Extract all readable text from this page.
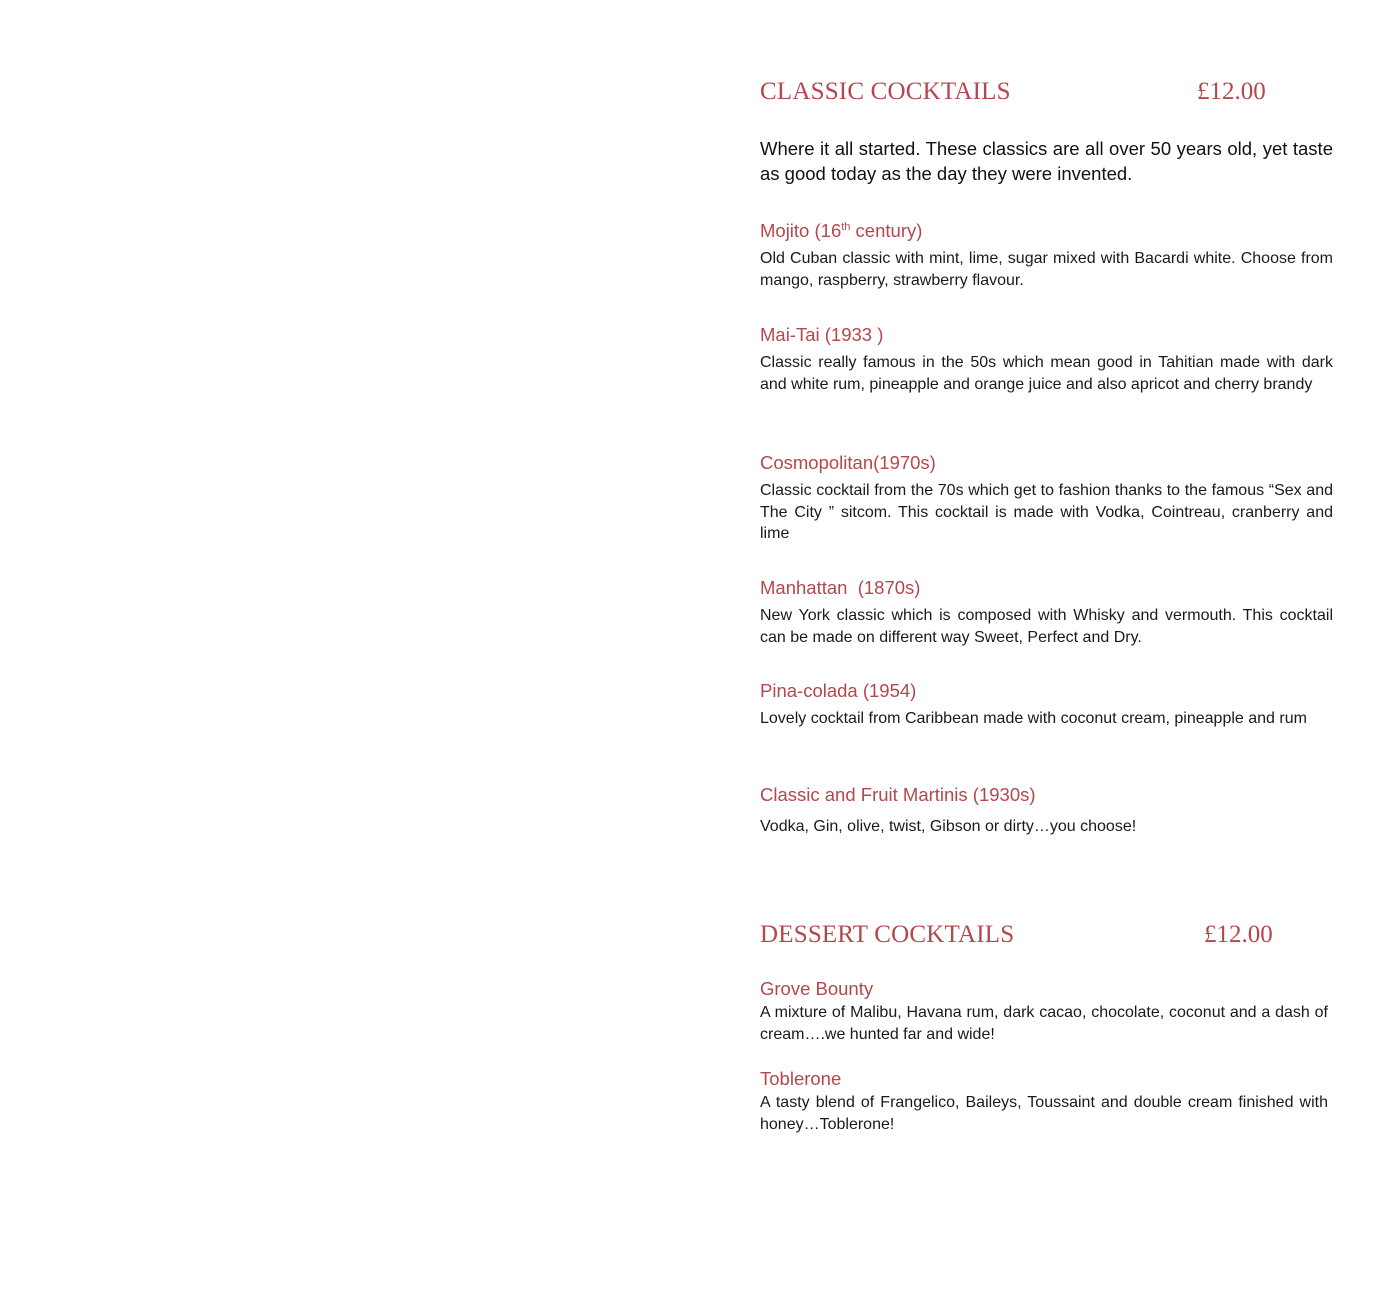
CLASSIC COCKTAILS	£12.00
Where it all started. These classics are all over 50 years old, yet taste as good today as the day they were invented.
Mojito (16th century)
Old Cuban classic with mint, lime, sugar mixed with Bacardi white. Choose from mango, raspberry, strawberry flavour.
Mai-Tai (1933 )
Classic really famous in the 50s which mean good in Tahitian made with dark and white rum, pineapple and orange juice and also apricot and cherry brandy
Cosmopolitan(1970s)
Classic cocktail from the 70s which get to fashion thanks to the famous “Sex and The City ” sitcom. This cocktail is made with Vodka, Cointreau, cranberry and lime
Manhattan  (1870s)
New York classic which is composed with Whisky and vermouth. This cocktail can be made on different way Sweet, Perfect and Dry.
Pina-colada (1954)
Lovely cocktail from Caribbean made with coconut cream, pineapple and rum
Classic and Fruit Martinis (1930s)
Vodka, Gin, olive, twist, Gibson or dirty…you choose!
DESSERT COCKTAILS	£12.00
Grove Bounty
A mixture of Malibu, Havana rum, dark cacao, chocolate, coconut and a dash of cream….we hunted far and wide!
Toblerone
A tasty blend of Frangelico, Baileys, Toussaint and double cream finished with honey…Toblerone!
